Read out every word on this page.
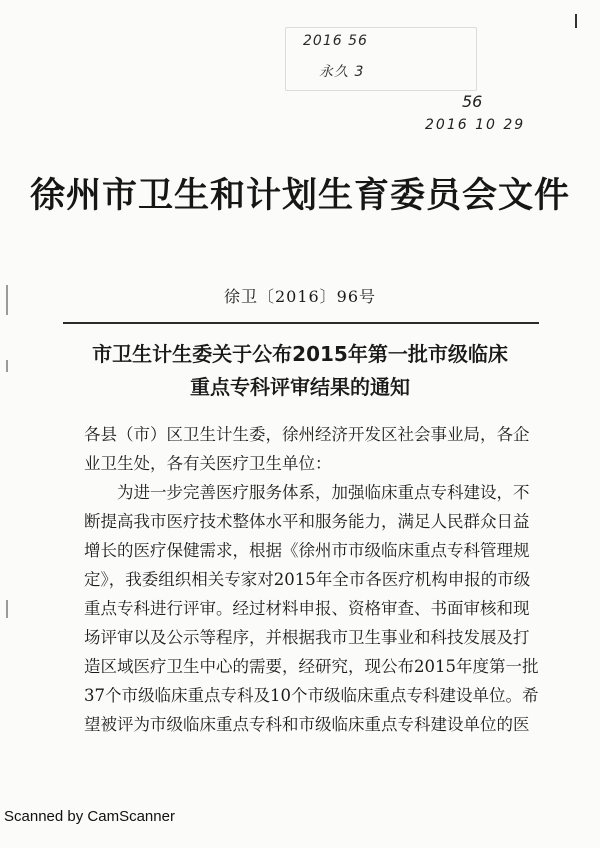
2016 56
永久 3
56
2016 10 29
徐州市卫生和计划生育委员会文件
徐卫〔2016〕96号
市卫生计生委关于公布2015年第一批市级临床
重点专科评审结果的通知
各县（市）区卫生计生委，徐州经济开发区社会事业局，各企
业卫生处，各有关医疗卫生单位：
为进一步完善医疗服务体系，加强临床重点专科建设，不
断提高我市医疗技术整体水平和服务能力，满足人民群众日益
增长的医疗保健需求，根据《徐州市市级临床重点专科管理规
定》，我委组织相关专家对2015年全市各医疗机构申报的市级
重点专科进行评审。经过材料申报、资格审查、书面审核和现
场评审以及公示等程序，并根据我市卫生事业和科技发展及打
造区域医疗卫生中心的需要，经研究，现公布2015年度第一批
37个市级临床重点专科及10个市级临床重点专科建设单位。希
望被评为市级临床重点专科和市级临床重点专科建设单位的医
Scanned by CamScanner
